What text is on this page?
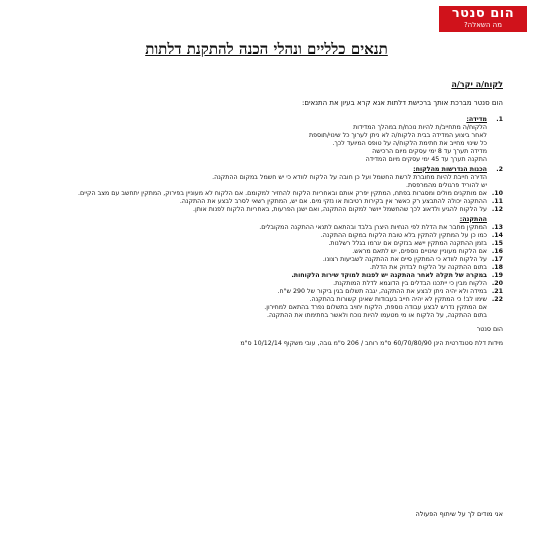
הום סנטר
מה השאלה?
תנאים כלליים ונהלי הכנה להתקנת דלתות
לקוח/ה יקר/ה
הום סנטר מברכת אותך ברכישת דלתות אנא קרא בעיון את התנאים:
1.
מדידה:
הלקוח/ה מתחייב/ת להיות נוכח/ת במהלך המדידות
לאחר ביצוע המדידה בבית הלקוח/ה לא ניתן לערוך כל שינוי/תוספת
כל שינוי מחייב את חתימת הלקוח/ה על טופס המיועד לכך.
מדידה תערך עד 8 ימי עסקים מיום הרכישה
התקנה תערך עד 45 ימי עסקים מיום המדידה
2.
הכנות הנדרשות מהלקוח:
הדירה חייבת להיות מחוברת לרשת החשמל ועל כן חובה על הלקוח לוודא כי יש חשמל במקום ההתקנה.
יש להוריד פרגולים מהמרפסת.
10.
אם מותקנים מולים ומסגרות בפתח, המתקין יפרק אותם ובאחריות הלקוח להחזיר למקומם. אם הלקוח לא מעוניין בפירוק, המתקין יתחשב עם מצב הקיים.
11.
ההתקנה יכולה להתבצע רק כאשר אין בקירות רטיבות או נזקי מים. אם יש, המתקין רשאי לסרב לבצע את ההתקנה.
12.
על הלקוח להגיע ולדאוג לכך שהחשמל ייושר למקום ההתקנה, ואם ישנן הפרעות, באחריות הלקוח לפנות אותן.
ההתקנה:
13.
המתקין מחבר את הדלת לפי הנחיות היצרן בלבד ובהתאם לתנאי ההתקנה המקובלים.
14.
כמו כן על המתקין להתקין בלא טובת הלקוח במקום ההתקנה.
15.
בזמן ההתקנה המתקין יישא בנזקים אם יגרמו בגלל רשלנות.
16.
אם הלקוח מעוניין שינויים נוספים, יש לתאם מראש.
17.
על הלקוח לוודא כי המתקין סיים את ההתקנה לשביעות רצונו.
18.
בתום ההתקנה על הלקוח לבדוק את הדלת.
19.
במקרה של תקלה לאחר ההתקנה יש לפנות למוקד שירות הלקוחות.
20.
הלקוח מבין כי ייתכנו הבדלים בין הדוגמא לדלת המותקנת.
21.
במידה ולא יהיה ניתן לבצע את ההתקנה, יגבה תשלום בגין ביקור של 290 ש"ח.
22.
שימו לב! כי המתקין לא יהיה חייב בעבודות שאינן קשורות בהתקנה.
אם המתקין נדרש לבצע עבודה נוספת, הלקוח יחויב בתשלום נפרד בהתאם למחירון.
בתום ההתקנה, על הלקוח או מי מטעמו להיות נוכח ולאשר בחתימתו את ההתקנה.
הום סנטר
מידות דלת סטנדרטית הינן 60/70/80/90 ס"מ רוחב / 206 ס"מ גובה, עובי משקוף 10/12/14 ס"מ
אני מודים לך על שיתוף הפעולה
